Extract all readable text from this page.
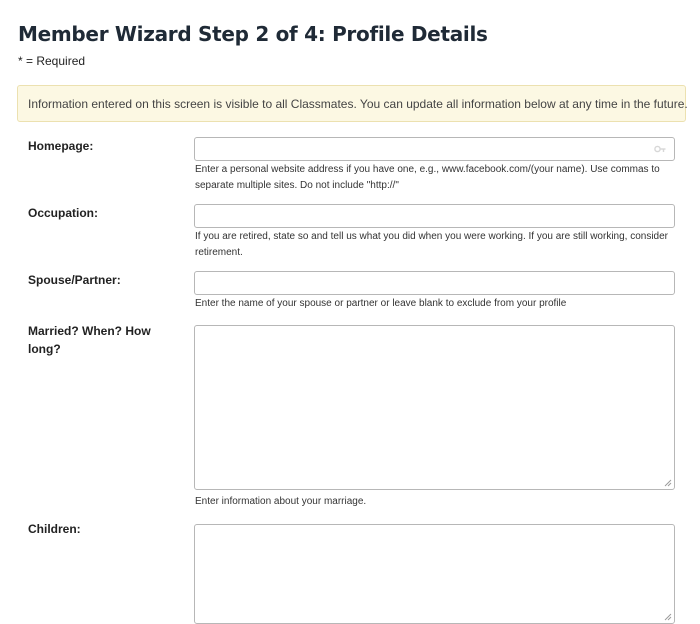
Member Wizard Step 2 of 4: Profile Details
* = Required
Information entered on this screen is visible to all Classmates. You can update all information below at any time in the future.
Homepage:
Enter a personal website address if you have one, e.g., www.facebook.com/(your name). Use commas to separate multiple sites. Do not include "http://"
Occupation:
If you are retired, state so and tell us what you did when you were working. If you are still working, consider retirement.
Spouse/Partner:
Enter the name of your spouse or partner or leave blank to exclude from your profile
Married? When? How long?
Enter information about your marriage.
Children:
